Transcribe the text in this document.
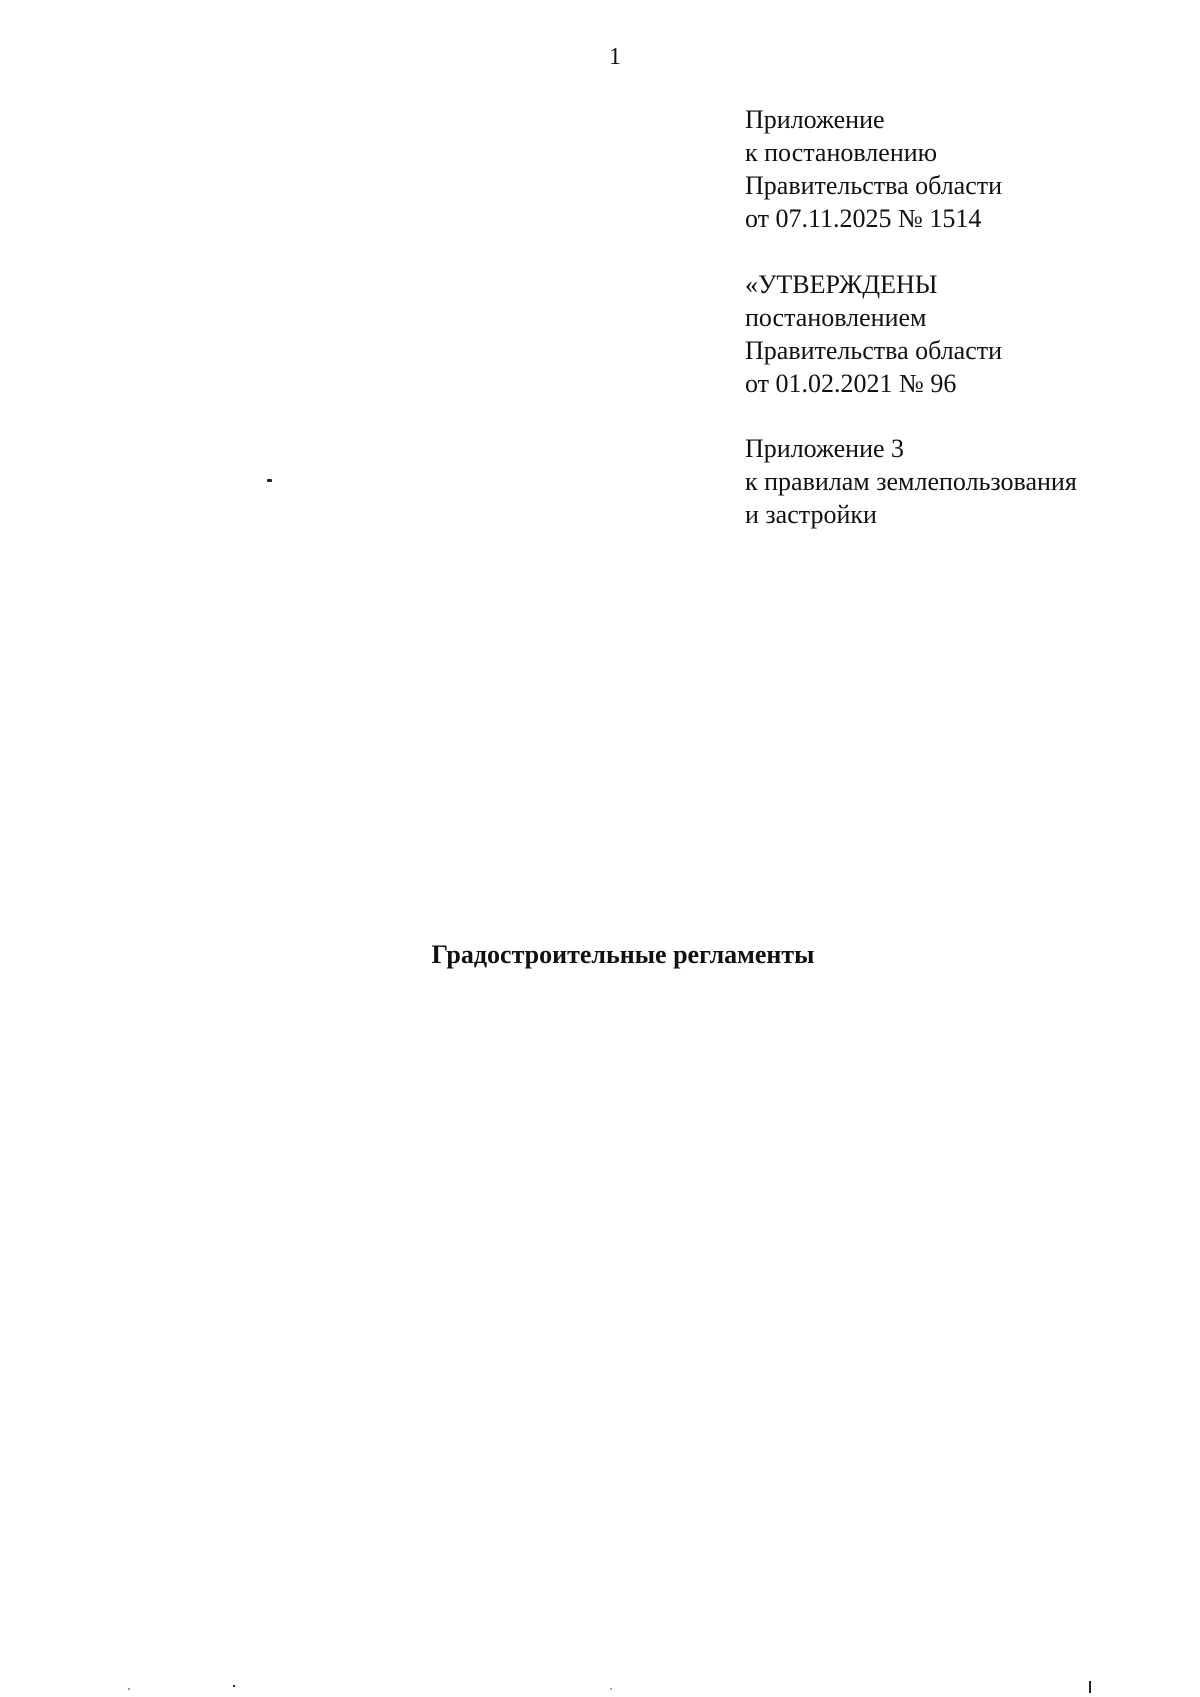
1
Приложение
к постановлению
Правительства области
от 07.11.2025 № 1514
«УТВЕРЖДЕНЫ
постановлением
Правительства области
от 01.02.2021 № 96
Приложение 3
к правилам землепользования
и застройки
Градостроительные регламенты
